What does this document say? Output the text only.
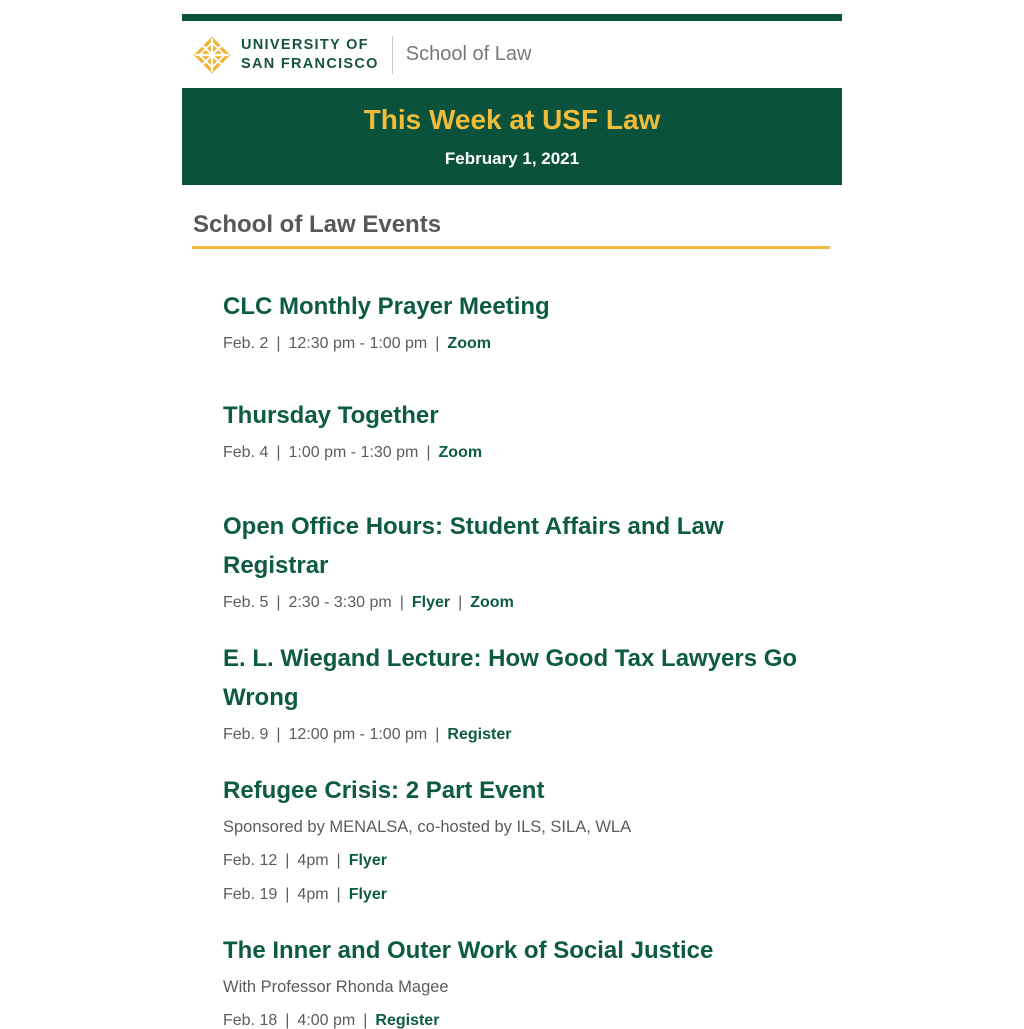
UNIVERSITY OF
SAN FRANCISCO School of Law
This Week at USF Law

February 1, 2021

School of Law Events
CLC Monthly Prayer Meeting

Feb. 2 | 12:30 pm - 1:00 pm | Zoom

Thursday Together

Feb. 4 | 1:00 pm - 1:30 pm | Zoom

Open Office Hours: Student Affairs and Law Registrar

Feb. 5 | 2:30 - 3:30 pm | Flyer | Zoom

E. L. Wiegand Lecture: How Good Tax Lawyers Go Wrong

Feb. 9 | 12:00 pm - 1:00 pm | Register

Refugee Crisis: 2 Part Event

Sponsored by MENALSA, co-hosted by ILS, SILA, WLA

Feb. 12 | 4pm | Flyer

Feb. 19 | 4pm | Flyer

The Inner and Outer Work of Social Justice

With Professor Rhonda Magee

Feb. 18 | 4:00 pm | Register
